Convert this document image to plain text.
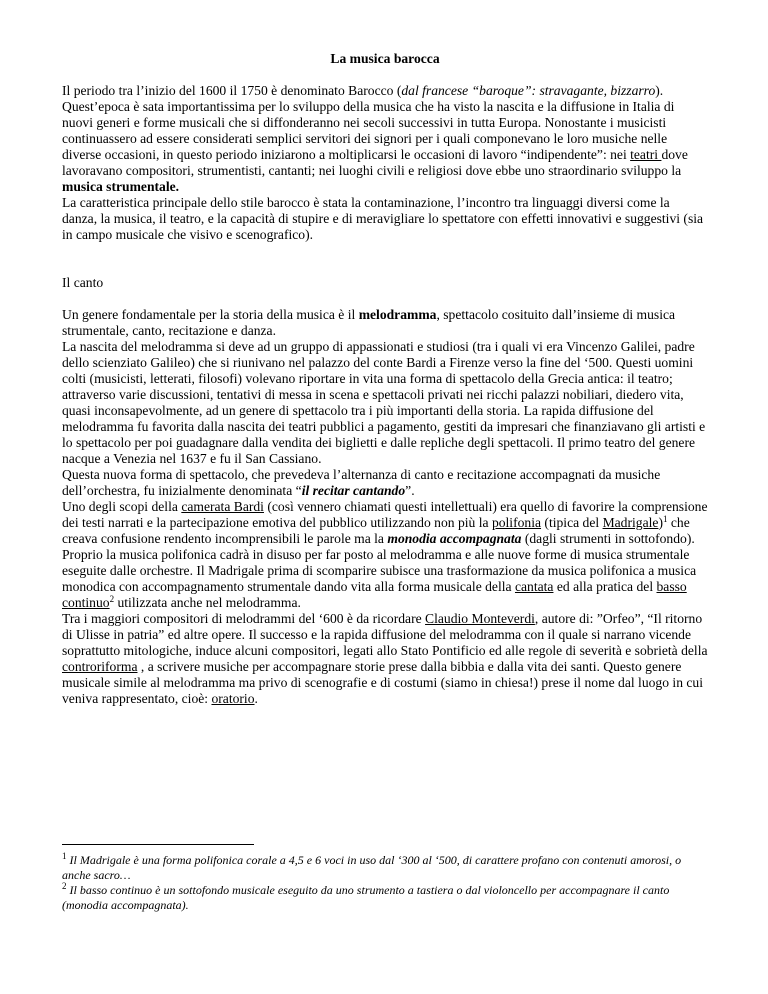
La musica barocca

Il periodo tra l’inizio del 1600 il 1750 è denominato Barocco (dal francese “baroque”: stravagante, bizzarro). Quest’epoca è sata importantissima per lo sviluppo della musica che ha visto la nascita e la diffusione in Italia di nuovi generi e forme musicali che si diffonderanno nei secoli successivi in tutta Europa. Nonostante i musicisti continuassero ad essere considerati semplici servitori dei signori per i quali componevano le loro musiche nelle diverse occasioni, in questo periodo iniziarono a moltiplicarsi le occasioni di lavoro “indipendente”: nei teatri dove lavoravano compositori, strumentisti, cantanti; nei luoghi civili e religiosi dove ebbe uno straordinario sviluppo la musica strumentale.

La caratteristica principale dello stile barocco è stata la contaminazione, l’incontro tra linguaggi diversi come la danza, la musica, il teatro, e la capacità di stupire e di meravigliare lo spettatore con effetti innovativi e suggestivi (sia in campo musicale che visivo e scenografico).

Il canto

Un genere fondamentale per la storia della musica è il melodramma, spettacolo cosituito dall’insieme di musica strumentale, canto, recitazione e danza.

La nascita del melodramma si deve ad un gruppo di appassionati e studiosi (tra i quali vi era Vincenzo Galilei, padre dello scienziato Galileo) che si riunivano nel palazzo del conte Bardi a Firenze verso la fine del ‘500. Questi uomini colti (musicisti, letterati, filosofi) volevano riportare in vita una forma di spettacolo della Grecia antica: il teatro; attraverso varie discussioni, tentativi di messa in scena e spettacoli privati nei ricchi palazzi nobiliari, diedero vita, quasi inconsapevolmente, ad un genere di spettacolo tra i più importanti della storia. La rapida diffusione del melodramma fu favorita dalla nascita dei teatri pubblici a pagamento, gestiti da impresari che finanziavano gli artisti e lo spettacolo per poi guadagnare dalla vendita dei biglietti e dalle repliche degli spettacoli. Il primo teatro del genere nacque a Venezia nel 1637 e fu il San Cassiano.

Questa nuova forma di spettacolo, che prevedeva l’alternanza di canto e recitazione accompagnati da musiche dell’orchestra, fu inizialmente denominata “il recitar cantando”.

Uno degli scopi della camerata Bardi (così vennero chiamati questi intellettuali) era quello di favorire la comprensione dei testi narrati e la partecipazione emotiva del pubblico utilizzando non più la polifonia (tipica del Madrigale)$^1$ che creava confusione rendento incomprensibili le parole ma la monodia accompagnata (dagli strumenti in sottofondo). Proprio la musica polifonica cadrà in disuso per far posto al melodramma e alle nuove forme di musica strumentale eseguite dalle orchestre. Il Madrigale prima di scomparire subisce una trasformazione da musica polifonica a musica monodica con accompagnamento strumentale dando vita alla forma musicale della cantata ed alla pratica del basso continuo$^2$ utilizzata anche nel melodramma.

Tra i maggiori compositori di melodrammi del ‘600 è da ricordare Claudio Monteverdi, autore di: ”Orfeo”, “Il ritorno di Ulisse in patria” ed altre opere. Il successo e la rapida diffusione del melodramma con il quale si narrano vicende soprattutto mitologiche, induce alcuni compositori, legati allo Stato Pontificio ed alle regole di severità e sobrietà della controriforma , a scrivere musiche per accompagnare storie prese dalla bibbia e dalla vita dei santi. Questo genere musicale simile al melodramma ma privo di scenografie e di costumi (siamo in chiesa!) prese il nome dal luogo in cui veniva rappresentato, cioè: oratorio.

$^1$ Il Madrigale è una forma polifonica corale a 4,5 e 6 voci in uso dal ‘300 al ‘500, di carattere profano con contenuti amorosi, o anche sacro…
$^2$ Il basso continuo è un sottofondo musicale eseguito da uno strumento a tastiera o dal violoncello per accompagnare il canto (monodia accompagnata).
